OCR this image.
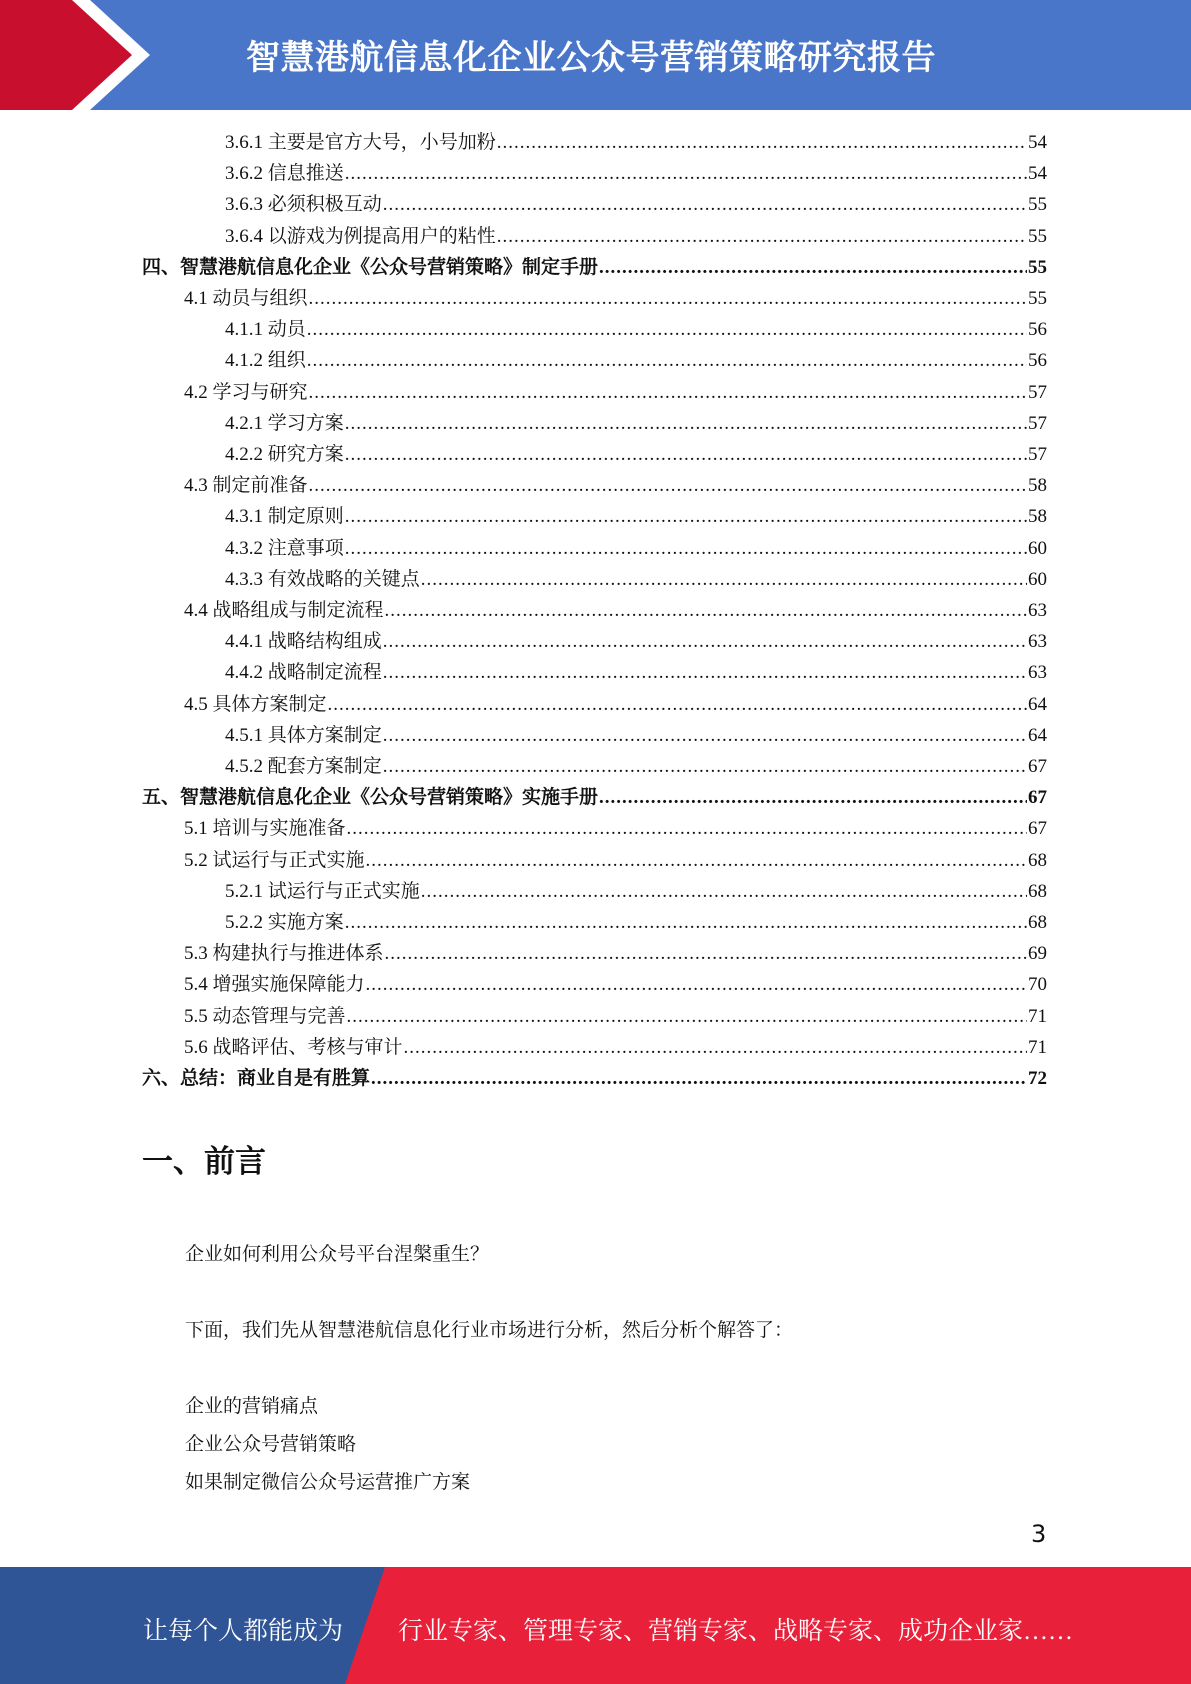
智慧港航信息化企业公众号营销策略研究报告
3.6.1 主要是官方大号，小号加粉 .....	54
3.6.2 信息推送 .....	54
3.6.3 必须积极互动 .....	55
3.6.4 以游戏为例提高用户的粘性 .....	55
四、智慧港航信息化企业《公众号营销策略》制定手册 .....	55
4.1 动员与组织 .....	55
4.1.1 动员 .....	56
4.1.2 组织 .....	56
4.2 学习与研究 .....	57
4.2.1 学习方案 .....	57
4.2.2 研究方案 .....	57
4.3 制定前准备 .....	58
4.3.1 制定原则 .....	58
4.3.2 注意事项 .....	60
4.3.3 有效战略的关键点 .....	60
4.4 战略组成与制定流程 .....	63
4.4.1 战略结构组成 .....	63
4.4.2 战略制定流程 .....	63
4.5 具体方案制定 .....	64
4.5.1 具体方案制定 .....	64
4.5.2 配套方案制定 .....	67
五、智慧港航信息化企业《公众号营销策略》实施手册 .....	67
5.1 培训与实施准备 .....	67
5.2 试运行与正式实施 .....	68
5.2.1 试运行与正式实施 .....	68
5.2.2 实施方案 .....	68
5.3 构建执行与推进体系 .....	69
5.4 增强实施保障能力 .....	70
5.5 动态管理与完善 .....	71
5.6 战略评估、考核与审计 .....	71
六、总结：商业自是有胜算 .....	72
一、前言
企业如何利用公众号平台涅槃重生？
下面，我们先从智慧港航信息化行业市场进行分析，然后分析个解答了：
企业的营销痛点
企业公众号营销策略
如果制定微信公众号运营推广方案
3
让每个人都能成为 行业专家、管理专家、营销专家、战略专家、成功企业家……
